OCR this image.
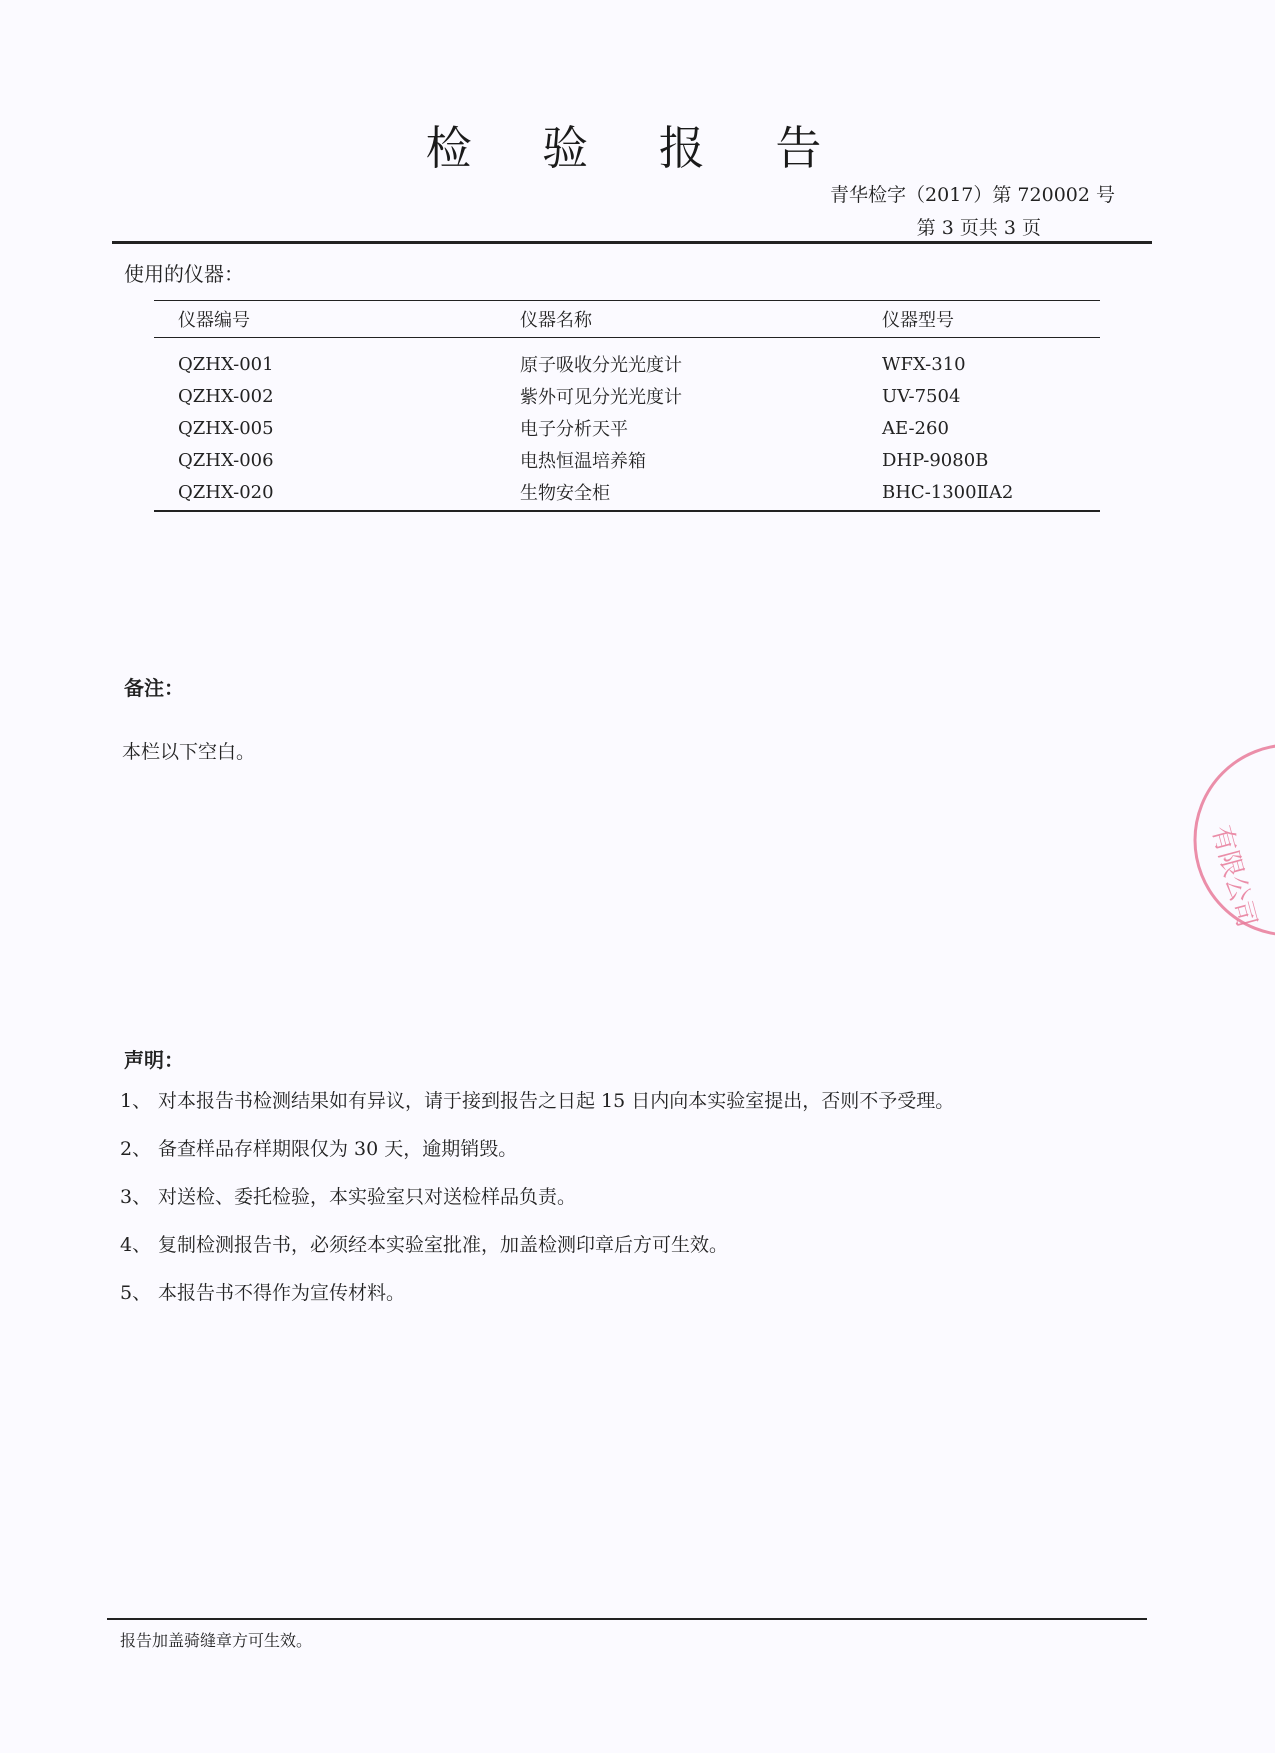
检 验 报 告
青华检字（2017）第 720002 号
第 3 页共 3 页
使用的仪器：
仪器编号	仪器名称	仪器型号
QZHX-001	原子吸收分光光度计	WFX-310
QZHX-002	紫外可见分光光度计	UV-7504
QZHX-005	电子分析天平	AE-260
QZHX-006	电热恒温培养箱	DHP-9080B
QZHX-020	生物安全柜	BHC-1300ⅡA2
备注：
本栏以下空白。
声明：
1、 对本报告书检测结果如有异议，请于接到报告之日起 15 日内向本实验室提出，否则不予受理。
2、 备查样品存样期限仅为 30 天，逾期销毁。
3、 对送检、委托检验，本实验室只对送检样品负责。
4、 复制检测报告书，必须经本实验室批准，加盖检测印章后方可生效。
5、 本报告书不得作为宣传材料。
报告加盖骑缝章方可生效。
有限公司
